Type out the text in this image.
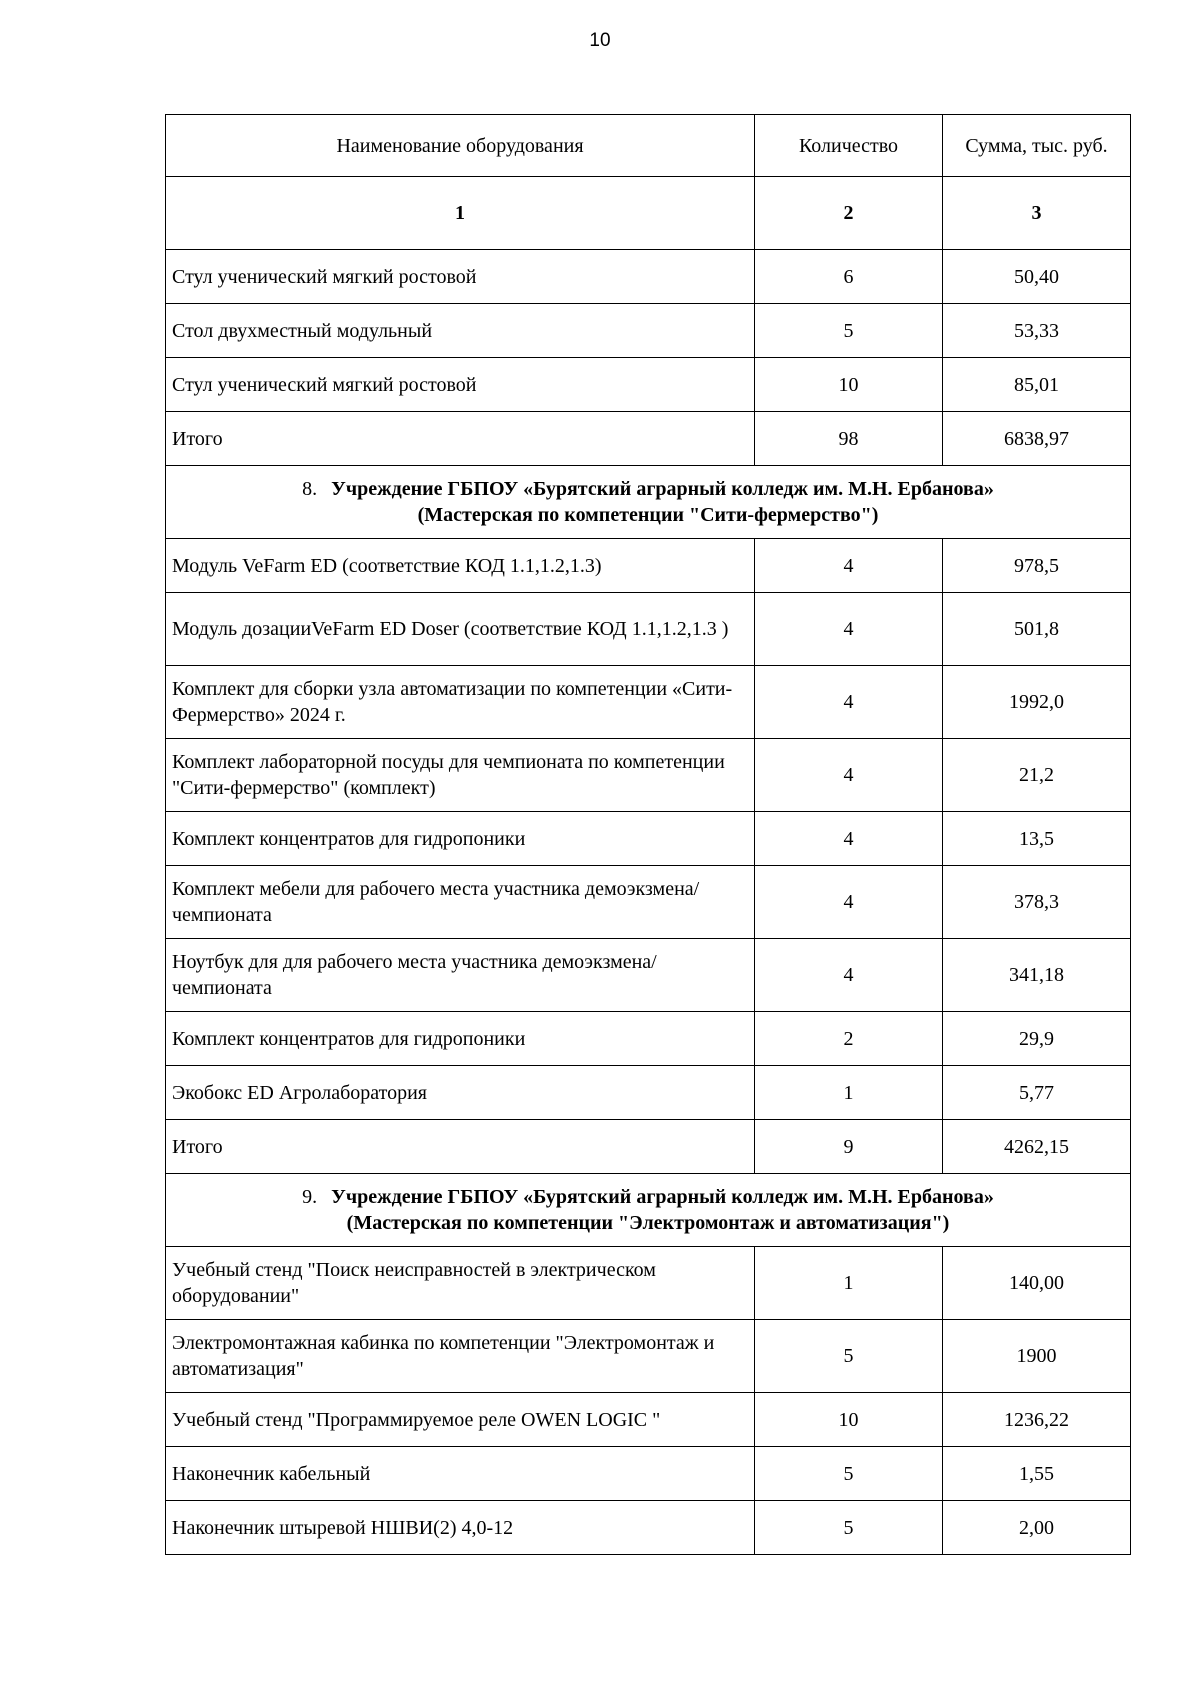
10
Наименование оборудования	Количество	Сумма, тыс. руб.
1	2	3
Стул ученический мягкий ростовой	6	50,40
Стол двухместный модульный	5	53,33
Стул ученический мягкий ростовой	10	85,01
Итого	98	6838,97

8. Учреждение ГБПОУ «Бурятский аграрный колледж им. М.Н. Ербанова»
(Мастерская по компетенции "Сити-фермерство")		

Модуль VeFarm ED (соответствие КОД 1.1,1.2,1.3)	4	978,5
Модуль дозацииVeFarm ED Doser (соответствие КОД 1.1,1.2,1.3 )	4	501,8
Комплект для сборки узла автоматизации по компетенции «Сити- Фермерство» 2024 г.	4	1992,0
Комплект лабораторной посуды для чемпионата по компетенции "Сити-фермерство" (комплект)	4	21,2
Комплект концентратов для гидропоники	4	13,5
Комплект мебели для рабочего места участника демоэкзмена/чемпионата	4	378,3
Ноутбук для для рабочего места участника демоэкзмена/чемпионата	4	341,18
Комплект концентратов для гидропоники	2	29,9
Экобокс ED Агролаборатория	1	5,77
Итого	9	4262,15

9. Учреждение ГБПОУ «Бурятский аграрный колледж им. М.Н. Ербанова»
(Мастерская по компетенции "Электромонтаж и автоматизация")		

Учебный стенд "Поиск неисправностей в электрическом оборудовании"	1	140,00
Электромонтажная кабинка по компетенции "Электромонтаж и автоматизация"	5	1900
Учебный стенд "Программируемое реле OWEN LOGIC "	10	1236,22
Наконечник кабельный	5	1,55
Наконечник штыревой НШВИ(2) 4,0-12	5	2,00
